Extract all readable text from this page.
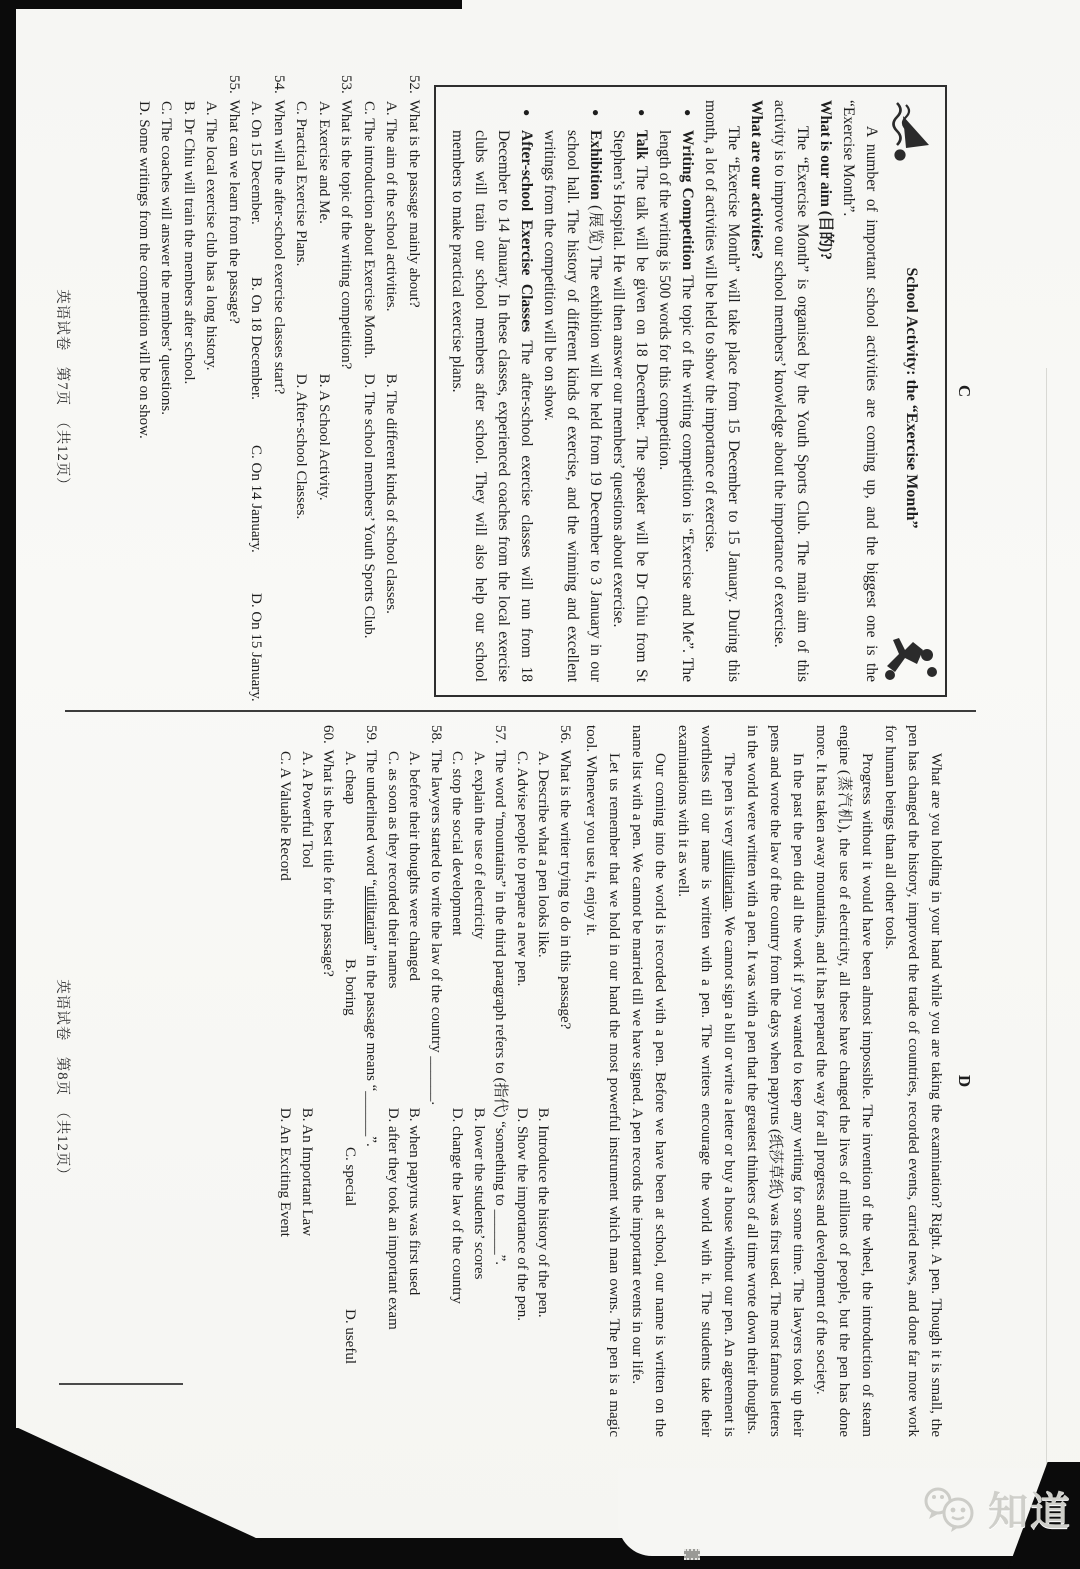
C
School Activity: the “Exercise Month”

A number of important school activities are coming up, and the biggest one is the “Exercise Month”.

What is our aim (目的)?

The “Exercise Month” is organised by the Youth Sports Club. The main aim of this activity is to improve our school members’ knowledge about the importance of exercise.

What are our activities?

The “Exercise Month” will take place from 15 December to 15 January. During this month, a lot of activities will be held to show the importance of exercise.

●
Writing Competition The topic of the writing competition is “Exercise and Me”. The length of the writing is 500 words for this competition.
●
Talk The talk will be given on 18 December. The speaker will be Dr Chiu from St Stephen’s Hospital. He will then answer our members’ questions about exercise.
●
Exhibition (展览) The exhibition will be held from 19 December to 3 January in our school hall. The history of different kinds of exercise, and the winning and excellent writings from the competition will be on show.
●
After-school Exercise Classes The after-school exercise classes will run from 18 December to 14 January. In these classes, experienced coaches from the local exercise clubs will train our school members after school. They will also help our school members to make practical exercise plans.
52.What is the passage mainly about?
A. The aim of the school activities.
B. The different kinds of school classes.
C. The introduction about Exercise Month.
D. The school members’ Youth Sports Club.
53.What is the topic of the writing competition?
A. Exercise and Me.
B. A School Activity.
C. Practical Exercise Plans.
D. After-school Classes.
54.When will the after-school exercise classes start?
A. On 15 December.
B. On 18 December.
C. On 14 January.
D. On 15 January.
55.What can we learn from the passage?
A. The local exercise club has a long history.
B. Dr Chiu will train the members after school.
C. The coaches will answer the members’ questions.
D. Some writings from the competition will be on show.
英语试卷　第7页　（共12页）
D

What are you holding in your hand while you are taking the examination? Right. A pen. Though it is small, the pen has changed the history, improved the trade of countries, recorded events, carried news, and done far more work for human beings than all other tools.

Progress without it would have been almost impossible. The invention of the wheel, the introduction of steam engine (蒸汽机), the use of electricity, all these have changed the lives of millions of people, but the pen has done more. It has taken away mountains, and it has prepared the way for all progress and development of the society.

In the past the pen did all the work if you wanted to keep any writing for some time. The lawyers took up their pens and wrote the law of the country from the days when papyrus (纸莎草纸) was first used. The most famous letters in the world were written with a pen. It was with a pen that the greatest thinkers of all time wrote down their thoughts.

The pen is very utilitarian. We cannot sign a bill or write a letter or buy a house without our pen. An agreement is worthless till our name is written with a pen. The writers encourage the world with it. The students take their examinations with it as well.

Our coming into the world is recorded with a pen. Before we have been at school, our name is written on the name list with a pen. We cannot be married till we have signed. A pen records the important events in our life.

Let us remember that we hold in our hand the most powerful instrument which man owns. The pen is a magic tool. Whenever you use it, enjoy it.

56.What is the writer trying to do in this passage?
A. Describe what a pen looks like.
B. Introduce the history of the pen.
C. Advise people to prepare a new pen.
D. Show the importance of the pen.
57.The word “mountains” in the third paragraph refers to (指代) “something to ______”.
A. explain the use of electricity
B. lower the students’ scores
C. stop the social development
D. change the law of the country
58.The lawyers started to write the law of the country ______.
A. before their thoughts were changed
B. when papyrus was first used
C. as soon as they recorded their names
D. after they took an important exam
59.The underlined word “utilitarian” in the passage means “______”.
A. cheap
B. boring
C. special
D. useful
60.What is the best title for this passage?
A. A Powerful Tool
B. An Important Law
C. A Valuable Record
D. An Exciting Event
英语试卷　第8页　（共12页）
知道
